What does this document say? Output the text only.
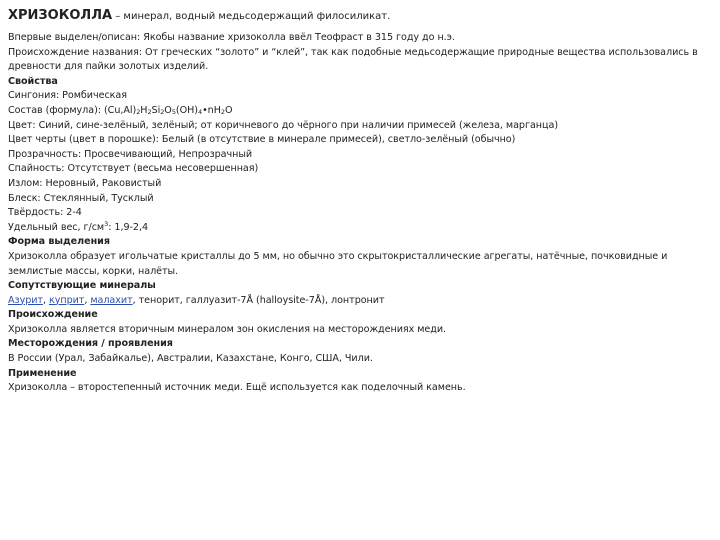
ХРИЗОКОЛЛА – минерал, водный медьсодержащий филосиликат.
Впервые выделен/описан: Якобы название хризоколла ввёл Теофраст в 315 году до н.э.
Происхождение названия: От греческих “золото” и “клей”, так как подобные медьсодержащие природные вещества использовались в
древности для пайки золотых изделий.
Свойства
Сингония: Ромбическая
Состав (формула): $(Cu,Al)_2H_2Si_2O_5(OH)_4•nH_2O$
Цвет: Синий, сине-зелёный, зелёный; от коричневого до чёрного при наличии примесей (железа, марганца)
Цвет черты (цвет в порошке): Белый (в отсутствие в минерале примесей), светло-зелёный (обычно)
Прозрачность: Просвечивающий, Непрозрачный
Спайность: Отсутствует (весьма несовершенная)
Излом: Неровный, Раковистый
Блеск: Стеклянный, Тусклый
Твёрдость: 2-4
Удельный вес, $г/см^3$: 1,9-2,4
Форма выделения
Хризоколла образует игольчатые кристаллы до 5 мм, но обычно это скрытокристаллические агрегаты, натёчные, почковидные и
землистые массы, корки, налёты.
Сопутствующие минералы
Азурит, куприт, малахит, тенорит, галлуазит-7Å (halloysite-7Å), лонтронит
Происхождение
Хризоколла является вторичным минералом зон окисления на месторождениях меди.
Месторождения / проявления
В России (Урал, Забайкалье), Австралии, Казахстане, Конго, США, Чили.
Применение
Хризоколла – второстепенный источник меди. Ещё используется как поделочный камень.
